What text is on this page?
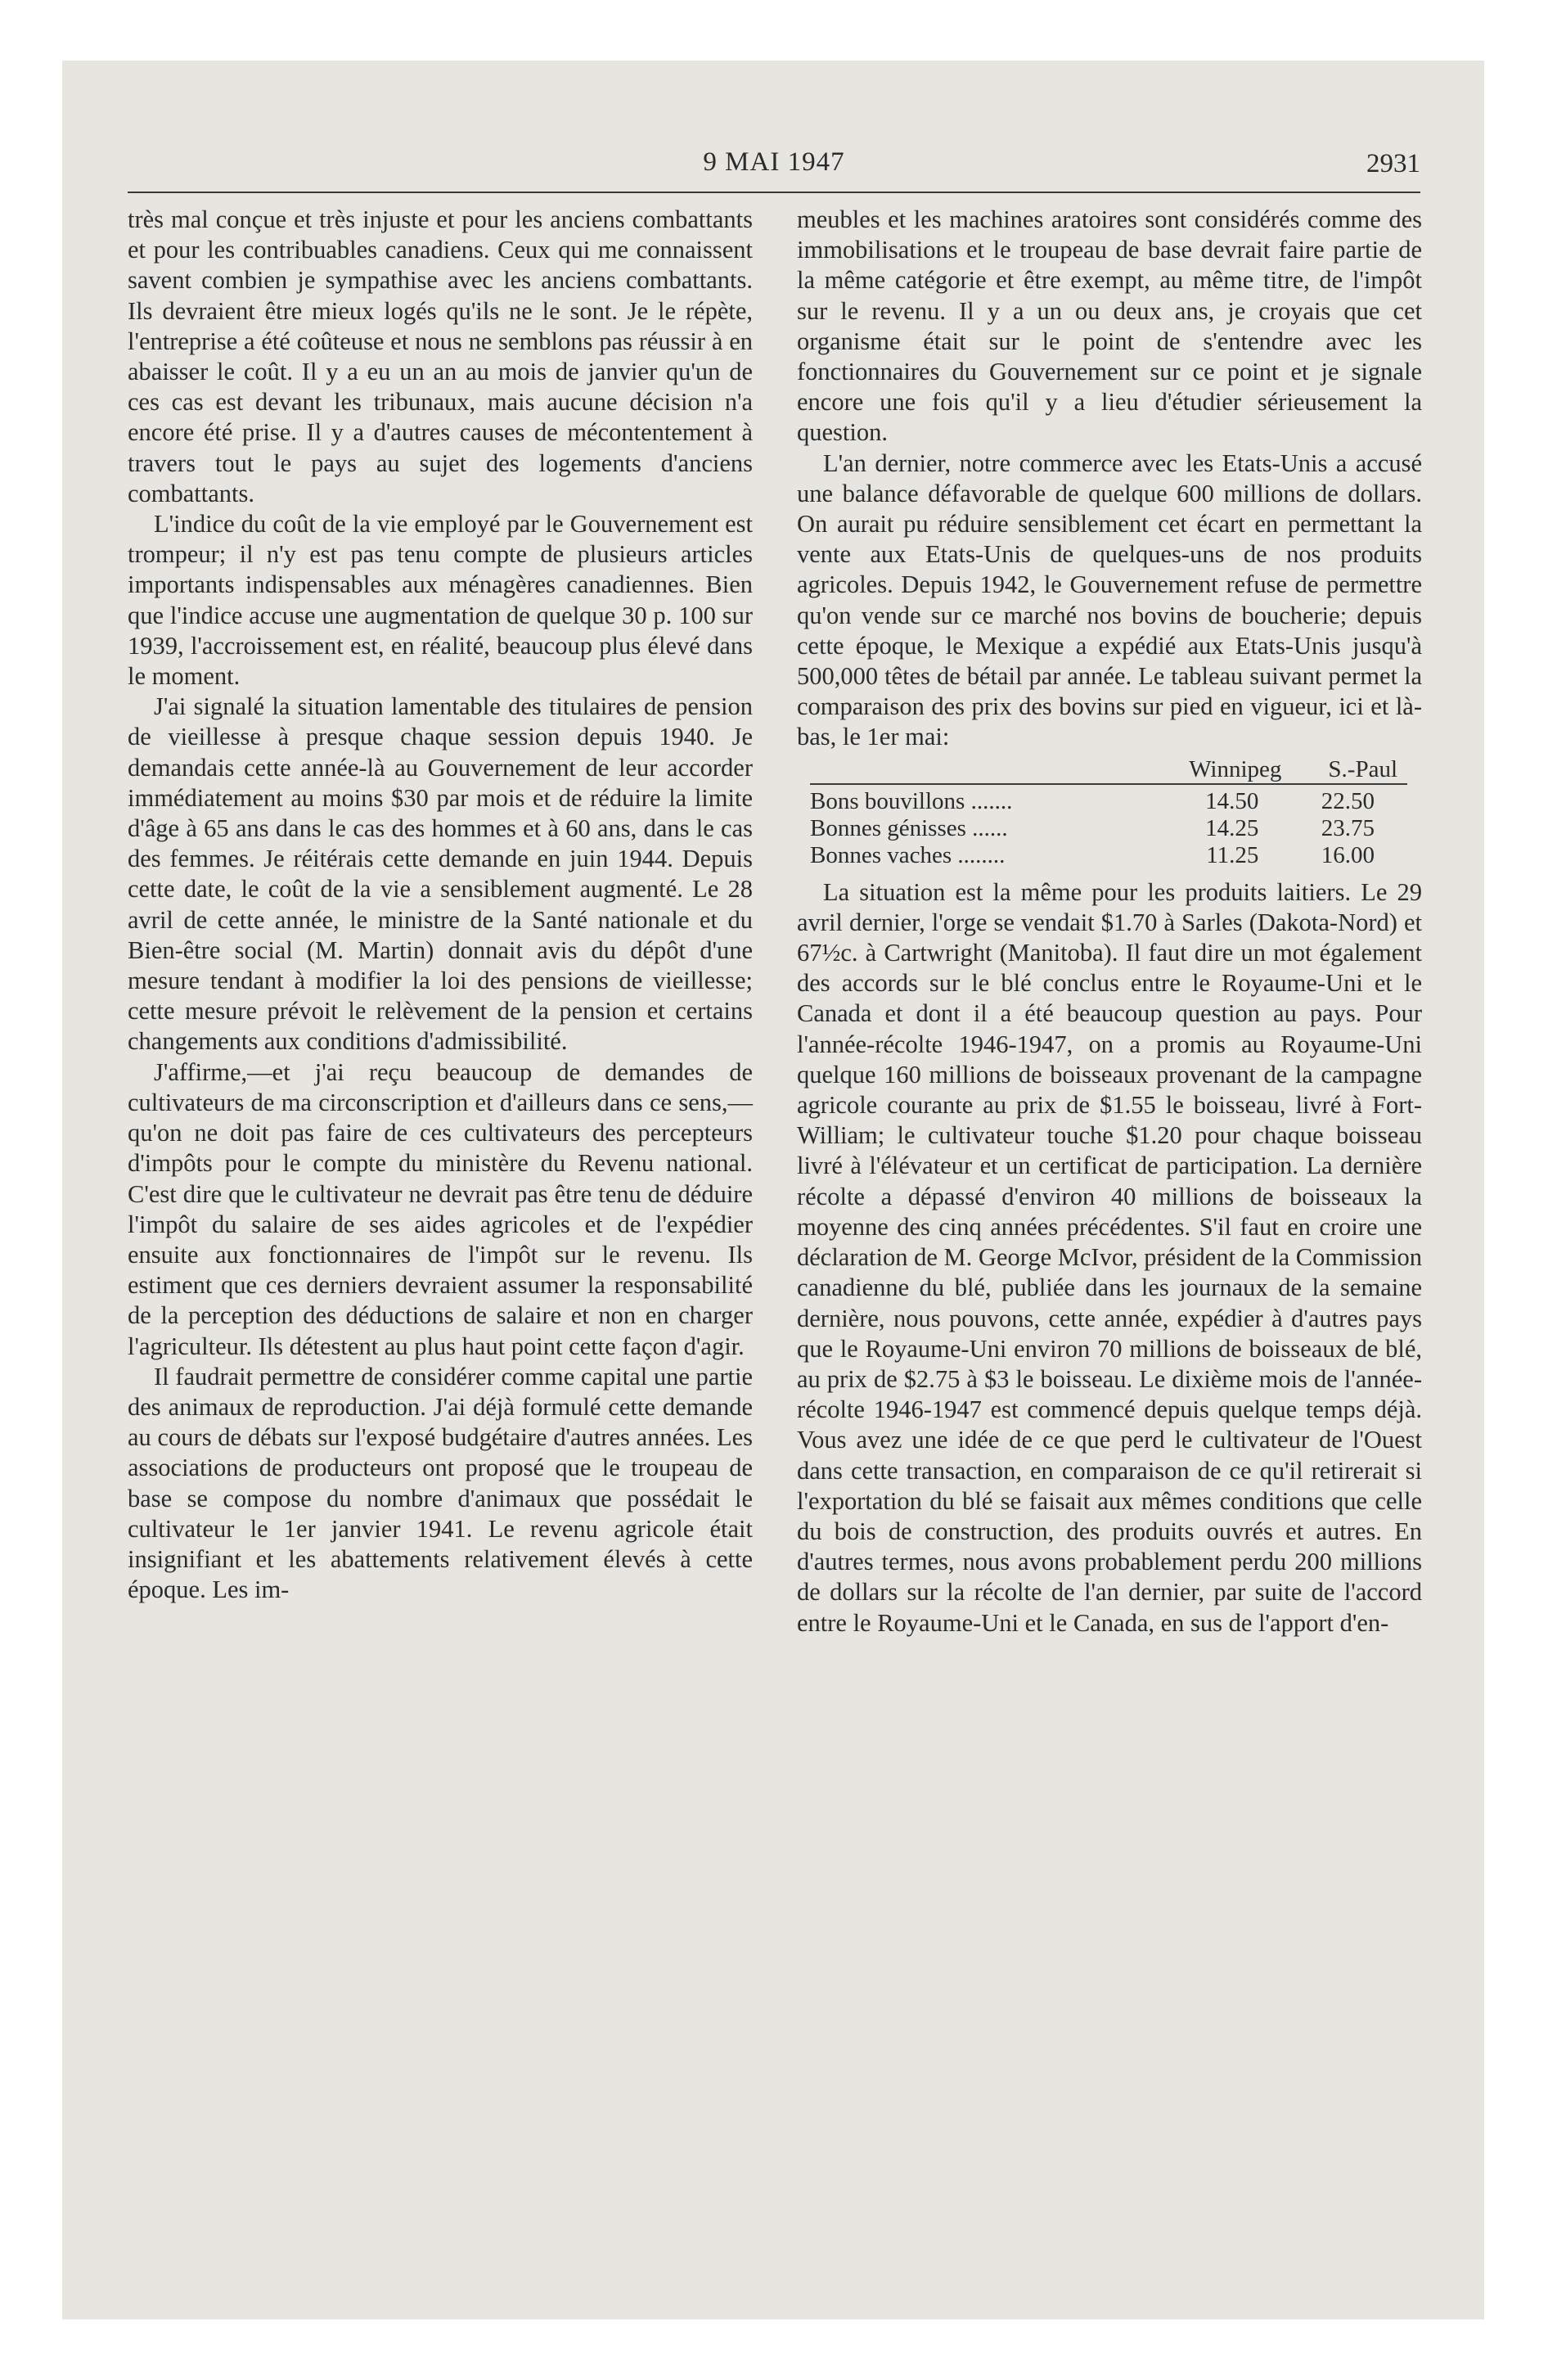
9 MAI 1947	2931

très mal conçue et très injuste et pour les anciens combattants et pour les contribuables canadiens. Ceux qui me connaissent savent combien je sympathise avec les anciens combattants. Ils devraient être mieux logés qu'ils ne le sont. Je le répète, l'entreprise a été coûteuse et nous ne semblons pas réussir à en abaisser le coût. Il y a eu un an au mois de janvier qu'un de ces cas est devant les tribunaux, mais aucune décision n'a encore été prise. Il y a d'autres causes de mécontentement à travers tout le pays au sujet des logements d'anciens combattants.

L'indice du coût de la vie employé par le Gouvernement est trompeur; il n'y est pas tenu compte de plusieurs articles importants indispensables aux ménagères canadiennes. Bien que l'indice accuse une augmentation de quelque 30 p. 100 sur 1939, l'accroissement est, en réalité, beaucoup plus élevé dans le moment.

J'ai signalé la situation lamentable des titulaires de pension de vieillesse à presque chaque session depuis 1940. Je demandais cette année-là au Gouvernement de leur accorder immédiatement au moins $30 par mois et de réduire la limite d'âge à 65 ans dans le cas des hommes et à 60 ans, dans le cas des femmes. Je réitérais cette demande en juin 1944. Depuis cette date, le coût de la vie a sensiblement augmenté. Le 28 avril de cette année, le ministre de la Santé nationale et du Bien-être social (M. Martin) donnait avis du dépôt d'une mesure tendant à modifier la loi des pensions de vieillesse; cette mesure prévoit le relèvement de la pension et certains changements aux conditions d'admissibilité.

J'affirme,—et j'ai reçu beaucoup de demandes de cultivateurs de ma circonscription et d'ailleurs dans ce sens,—qu'on ne doit pas faire de ces cultivateurs des percepteurs d'impôts pour le compte du ministère du Revenu national. C'est dire que le cultivateur ne devrait pas être tenu de déduire l'impôt du salaire de ses aides agricoles et de l'expédier ensuite aux fonctionnaires de l'impôt sur le revenu. Ils estiment que ces derniers devraient assumer la responsabilité de la perception des déductions de salaire et non en charger l'agriculteur. Ils détestent au plus haut point cette façon d'agir.

Il faudrait permettre de considérer comme capital une partie des animaux de reproduction. J'ai déjà formulé cette demande au cours de débats sur l'exposé budgétaire d'autres années. Les associations de producteurs ont proposé que le troupeau de base se compose du nombre d'animaux que possédait le cultivateur le 1er janvier 1941. Le revenu agricole était insignifiant et les abattements relativement élevés à cette époque. Les im-

meubles et les machines aratoires sont considérés comme des immobilisations et le troupeau de base devrait faire partie de la même catégorie et être exempt, au même titre, de l'impôt sur le revenu. Il y a un ou deux ans, je croyais que cet organisme était sur le point de s'entendre avec les fonctionnaires du Gouvernement sur ce point et je signale encore une fois qu'il y a lieu d'étudier sérieusement la question.

L'an dernier, notre commerce avec les Etats-Unis a accusé une balance défavorable de quelque 600 millions de dollars. On aurait pu réduire sensiblement cet écart en permettant la vente aux Etats-Unis de quelques-uns de nos produits agricoles. Depuis 1942, le Gouvernement refuse de permettre qu'on vende sur ce marché nos bovins de boucherie; depuis cette époque, le Mexique a expédié aux Etats-Unis jusqu'à 500,000 têtes de bétail par année. Le tableau suivant permet la comparaison des prix des bovins sur pied en vigueur, ici et là-bas, le 1er mai:

	Winnipeg	S.-Paul

Bons bouvillons .......	14.50	22.50
Bonnes génisses ......	14.25	23.75
Bonnes vaches ........	11.25	16.00

La situation est la même pour les produits laitiers. Le 29 avril dernier, l'orge se vendait $1.70 à Sarles (Dakota-Nord) et 67½c. à Cartwright (Manitoba). Il faut dire un mot également des accords sur le blé conclus entre le Royaume-Uni et le Canada et dont il a été beaucoup question au pays. Pour l'année-récolte 1946-1947, on a promis au Royaume-Uni quelque 160 millions de boisseaux provenant de la campagne agricole courante au prix de $1.55 le boisseau, livré à Fort-William; le cultivateur touche $1.20 pour chaque boisseau livré à l'élévateur et un certificat de participation. La dernière récolte a dépassé d'environ 40 millions de boisseaux la moyenne des cinq années précédentes. S'il faut en croire une déclaration de M. George McIvor, président de la Commission canadienne du blé, publiée dans les journaux de la semaine dernière, nous pouvons, cette année, expédier à d'autres pays que le Royaume-Uni environ 70 millions de boisseaux de blé, au prix de $2.75 à $3 le boisseau. Le dixième mois de l'année-récolte 1946-1947 est commencé depuis quelque temps déjà. Vous avez une idée de ce que perd le cultivateur de l'Ouest dans cette transaction, en comparaison de ce qu'il retirerait si l'exportation du blé se faisait aux mêmes conditions que celle du bois de construction, des produits ouvrés et autres. En d'autres termes, nous avons probablement perdu 200 millions de dollars sur la récolte de l'an dernier, par suite de l'accord entre le Royaume-Uni et le Canada, en sus de l'apport d'en-
